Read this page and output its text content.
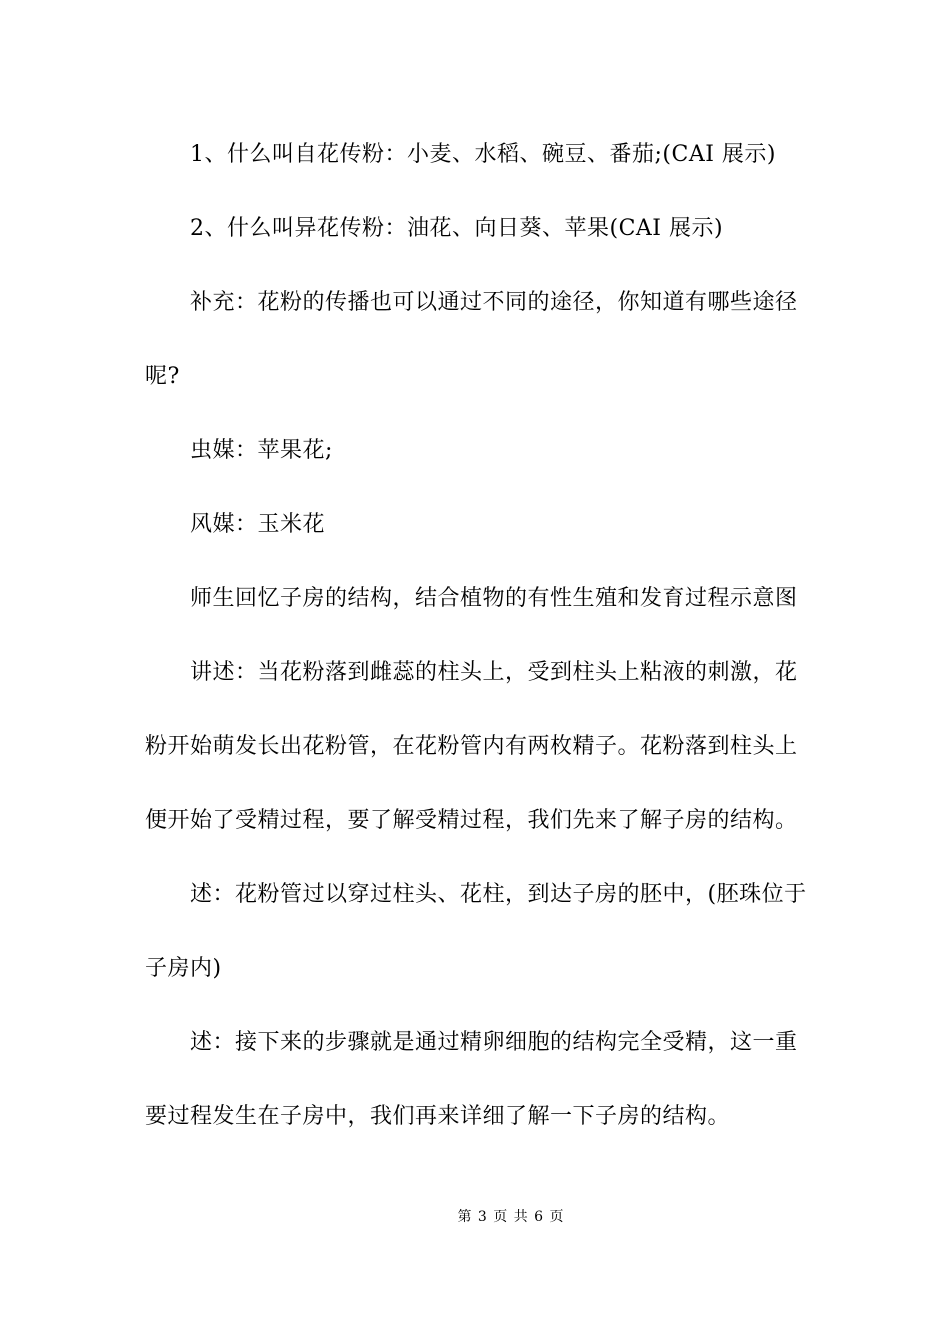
1、什么叫自花传粉：小麦、水稻、碗豆、番茄;(CAI 展示)
2、什么叫异花传粉：油花、向日葵、苹果(CAI 展示)
补充：花粉的传播也可以通过不同的途径，你知道有哪些途径
呢?
虫媒：苹果花;
风媒：玉米花
师生回忆子房的结构，结合植物的有性生殖和发育过程示意图
讲述：当花粉落到雌蕊的柱头上，受到柱头上粘液的刺激，花
粉开始萌发长出花粉管，在花粉管内有两枚精子。花粉落到柱头上
便开始了受精过程，要了解受精过程，我们先来了解子房的结构。
述：花粉管过以穿过柱头、花柱，到达子房的胚中，(胚珠位于
子房内)
述：接下来的步骤就是通过精卵细胞的结构完全受精，这一重
要过程发生在子房中，我们再来详细了解一下子房的结构。
第 3 页 共 6 页
